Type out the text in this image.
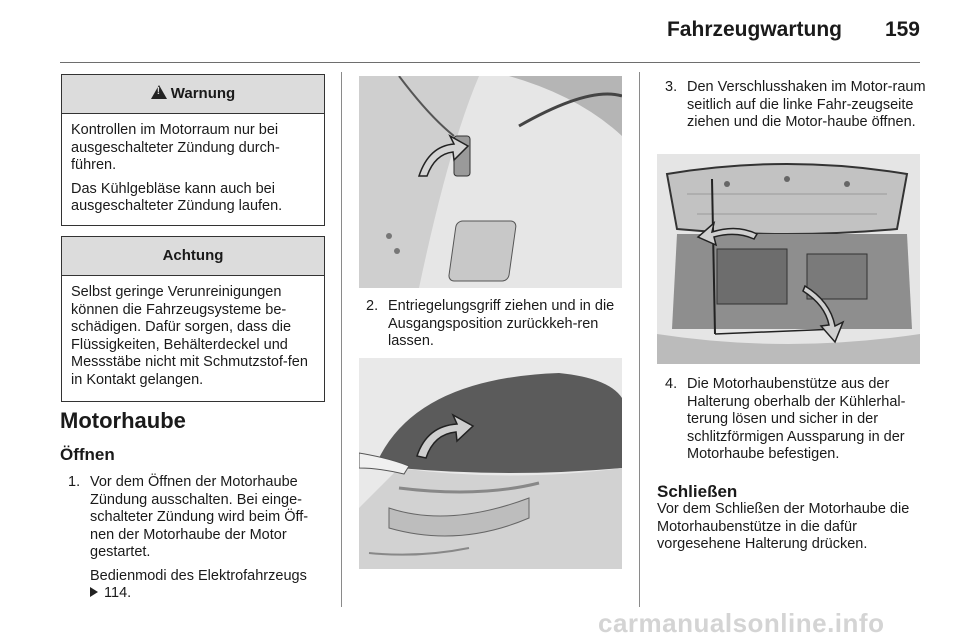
Fahrzeugwartung 159
!Warnung

Kontrollen im Motorraum nur bei ausgeschalteter Zündung durch-führen.

Das Kühlgebläse kann auch bei ausgeschalteter Zündung laufen.

Achtung

Selbst geringe Verunreinigungen können die Fahrzeugsysteme be-schädigen. Dafür sorgen, dass die Flüssigkeiten, Behälterdeckel und Messstäbe nicht mit Schmutzstof-fen in Kontakt gelangen.

Motorhaube
Öffnen
1. Vor dem Öffnen der Motorhaube Zündung ausschalten. Bei einge-schalteter Zündung wird beim Öff-nen der Motorhaube der Motor gestartet.
Bedienmodi des Elektrofahrzeugs
114.
2. Entriegelungsgriff ziehen und in die Ausgangsposition zurückkeh-ren lassen.
3. Den Verschlusshaken im Motor-raum seitlich auf die linke Fahr-zeugseite ziehen und die Motor-haube öffnen.
4. Die Motorhaubenstütze aus der Halterung oberhalb der Kühlerhal-terung lösen und sicher in der schlitzförmigen Aussparung in der Motorhaube befestigen.
Schließen
Vor dem Schließen der Motorhaube die Motorhaubenstütze in die dafür vorgesehene Halterung drücken.
carmanualsonline.info
